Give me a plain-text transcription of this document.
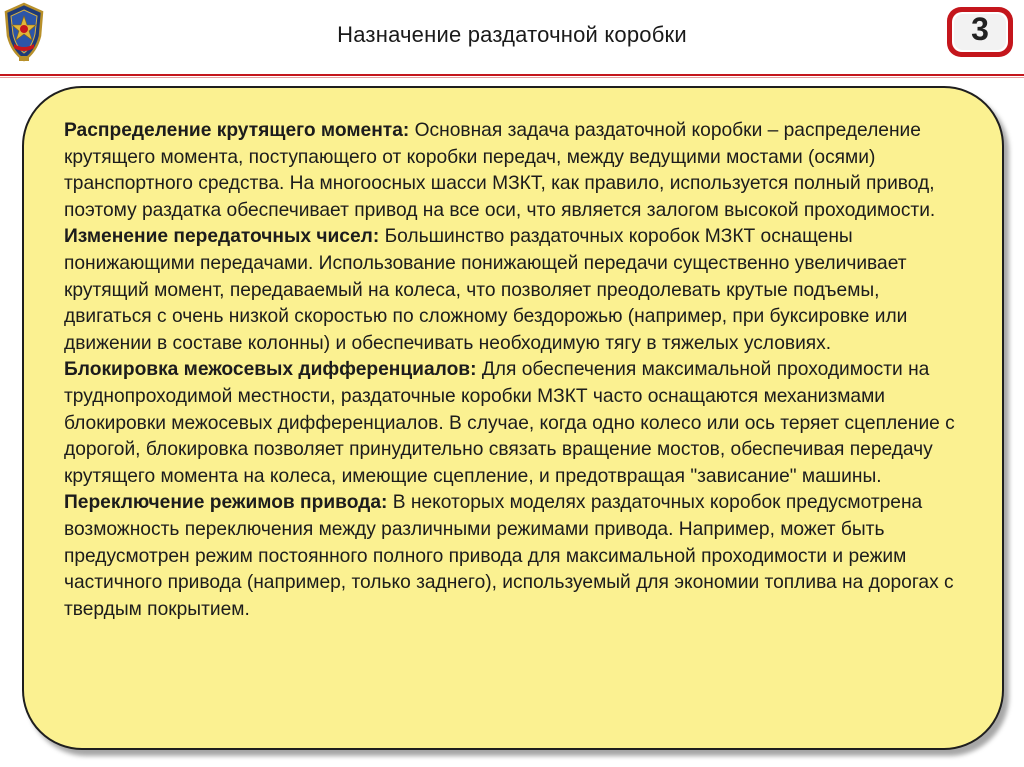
Назначение раздаточной коробки	3

Распределение крутящего момента: Основная задача раздаточной коробки – распределение крутящего момента, поступающего от коробки передач, между ведущими мостами (осями) транспортного средства. На многоосных шасси МЗКТ, как правило, используется полный привод, поэтому раздатка обеспечивает привод на все оси, что является залогом высокой проходимости.

Изменение передаточных чисел: Большинство раздаточных коробок МЗКТ оснащены понижающими передачами. Использование понижающей передачи существенно увеличивает крутящий момент, передаваемый на колеса, что позволяет преодолевать крутые подъемы, двигаться с очень низкой скоростью по сложному бездорожью (например, при буксировке или движении в составе колонны) и обеспечивать необходимую тягу в тяжелых условиях.

Блокировка межосевых дифференциалов: Для обеспечения максимальной проходимости на труднопроходимой местности, раздаточные коробки МЗКТ часто оснащаются механизмами блокировки межосевых дифференциалов. В случае, когда одно колесо или ось теряет сцепление с дорогой, блокировка позволяет принудительно связать вращение мостов, обеспечивая передачу крутящего момента на колеса, имеющие сцепление, и предотвращая "зависание" машины.

Переключение режимов привода: В некоторых моделях раздаточных коробок предусмотрена возможность переключения между различными режимами привода. Например, может быть предусмотрен режим постоянного полного привода для максимальной проходимости и режим частичного привода (например, только заднего), используемый для экономии топлива на дорогах с твердым покрытием.
